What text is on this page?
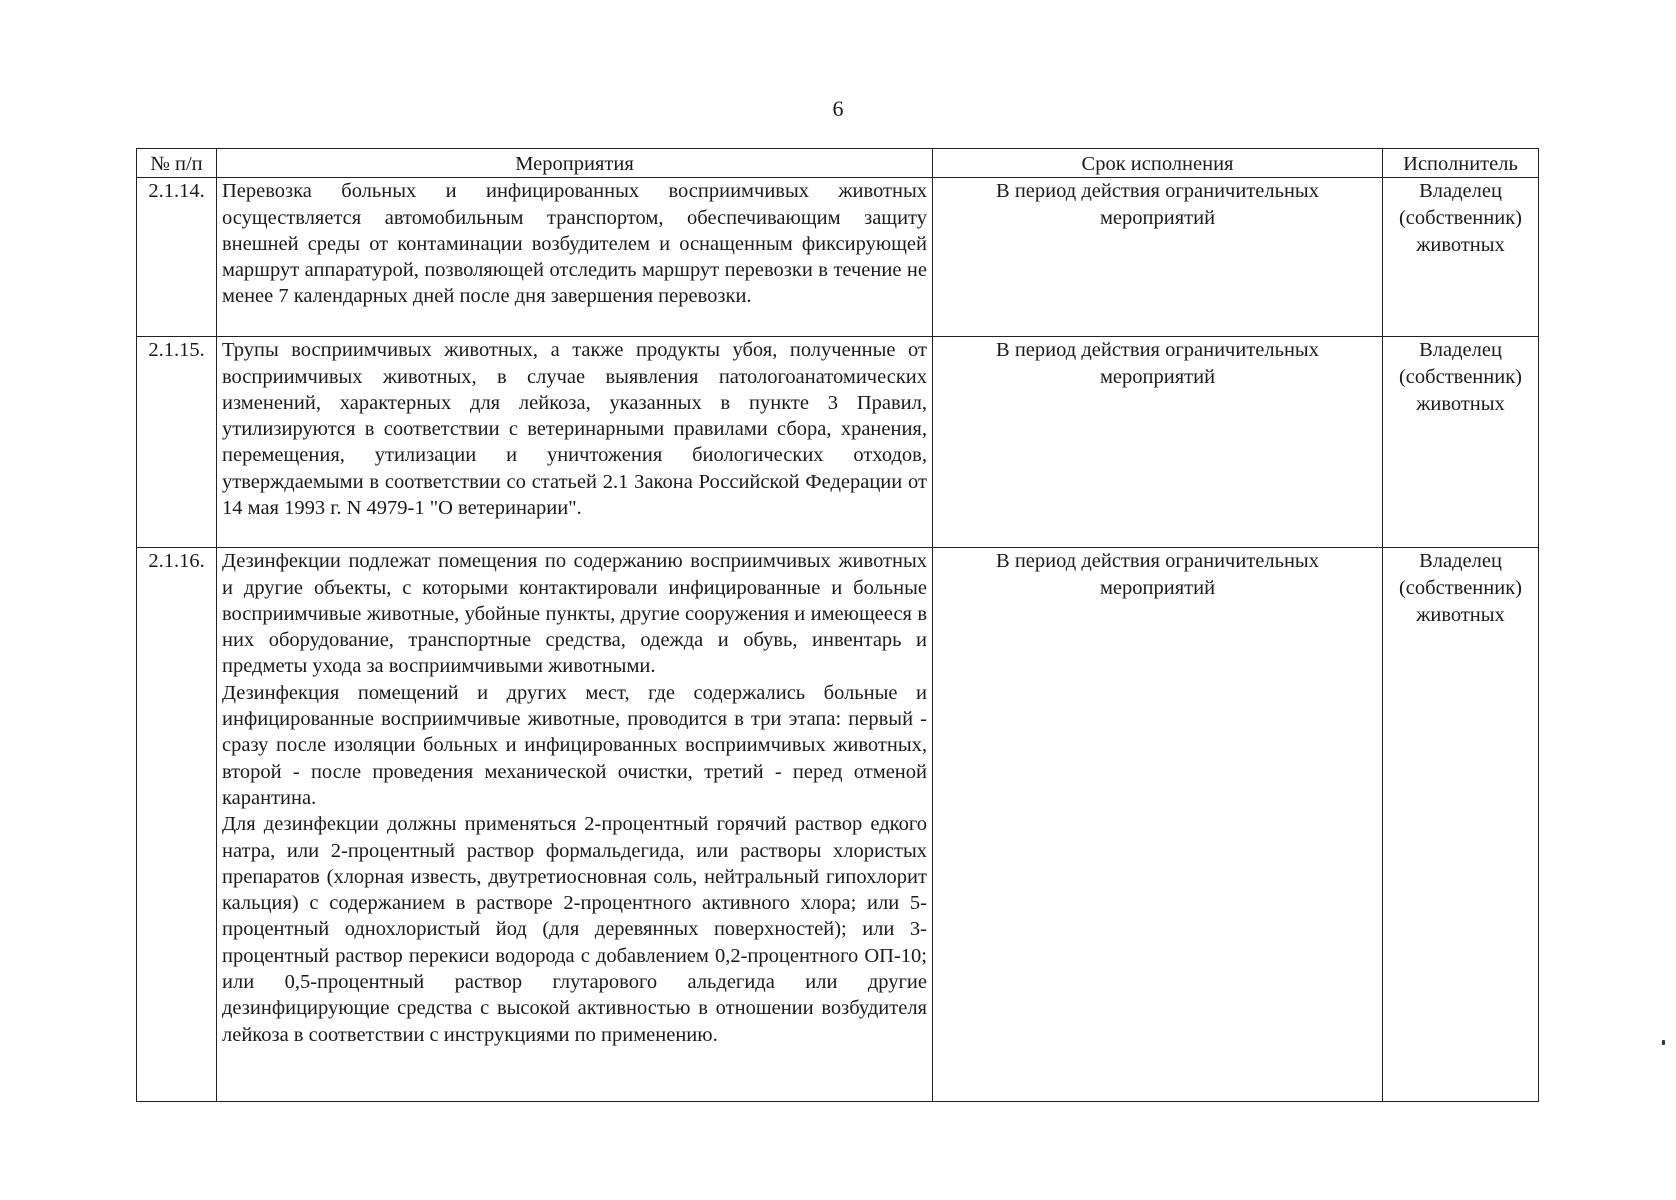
6
№ п/п	Мероприятия	Срок исполнения	Исполнитель
2.1.14.	Перевозка больных и инфицированных восприимчивых животных осуществляется автомобильным транспортом, обеспечивающим защиту внешней среды от контаминации возбудителем и оснащенным фиксирующей маршрут аппаратурой, позволяющей отследить маршрут перевозки в течение не менее 7 календарных дней после дня завершения перевозки.	В период действия ограничительных мероприятий	Владелец (собственник) животных

2.1.15.	Трупы восприимчивых животных, а также продукты убоя, полученные от восприимчивых животных, в случае выявления патологоанатомических изменений, характерных для лейкоза, указанных в пункте 3 Правил, утилизируются в соответствии с ветеринарными правилами сбора, хранения, перемещения, утилизации и уничтожения биологических отходов, утверждаемыми в соответствии со статьей 2.1 Закона Российской Федерации от 14 мая 1993 г. N 4979-1 "О ветеринарии".	В период действия ограничительных мероприятий	Владелец (собственник) животных

2.1.16.	Дезинфекции подлежат помещения по содержанию восприимчивых животных и другие объекты, с которыми контактировали инфицированные и больные восприимчивые животные, убойные пункты, другие сооружения и имеющееся в них оборудование, транспортные средства, одежда и обувь, инвентарь и предметы ухода за восприимчивыми животными.

Дезинфекция помещений и других мест, где содержались больные и инфицированные восприимчивые животные, проводится в три этапа: первый - сразу после изоляции больных и инфицированных восприимчивых животных, второй - после проведения механической очистки, третий - перед отменой карантина.

Для дезинфекции должны применяться 2-процентный горячий раствор едкого натра, или 2-процентный раствор формальдегида, или растворы хлористых препаратов (хлорная известь, двутретиосновная соль, нейтральный гипохлорит кальция) с содержанием в растворе 2-процентного активного хлора; или 5-процентный однохлористый йод (для деревянных поверхностей); или 3-процентный раствор перекиси водорода с добавлением 0,2-процентного ОП-10; или 0,5-процентный раствор глутарового альдегида или другие дезинфицирующие средства с высокой активностью в отношении возбудителя лейкоза в соответствии с инструкциями по применению.	В период действия ограничительных мероприятий	Владелец (собственник) животных
